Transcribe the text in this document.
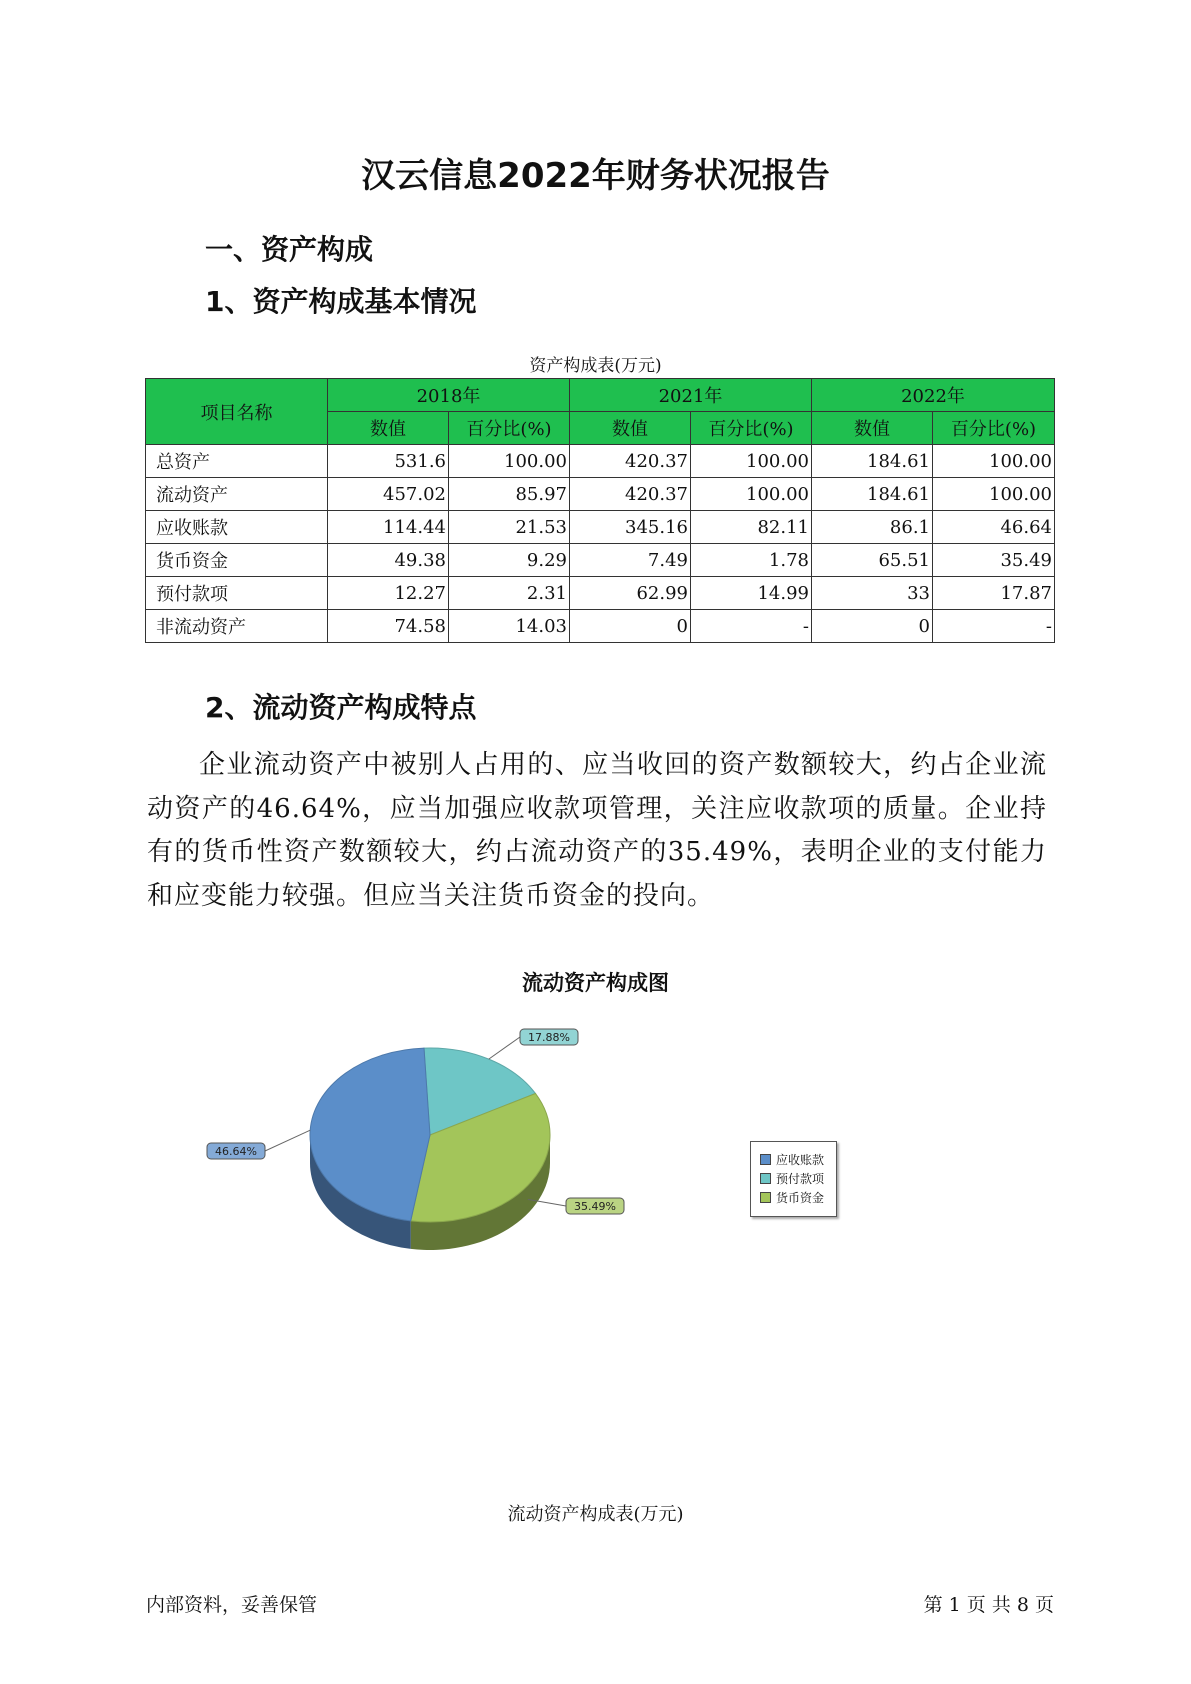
汉云信息2022年财务状况报告
一、资产构成
1、资产构成基本情况
资产构成表(万元)
项目名称	2018年		2021年		2022年	
	数值	百分比(%)	数值	百分比(%)	数值	百分比(%)
总资产	531.6	100.00	420.37	100.00	184.61	100.00
流动资产	457.02	85.97	420.37	100.00	184.61	100.00
应收账款	114.44	21.53	345.16	82.11	86.1	46.64
货币资金	49.38	9.29	7.49	1.78	65.51	35.49
预付款项	12.27	2.31	62.99	14.99	33	17.87
非流动资产	74.58	14.03	0	-	0	-
2、流动资产构成特点
企业流动资产中被别人占用的、应当收回的资产数额较大，约占企业流动资产的46.64%，应当加强应收款项管理，关注应收款项的质量。企业持有的货币性资产数额较大，约占流动资产的35.49%，表明企业的支付能力和应变能力较强。但应当关注货币资金的投向。
流动资产构成图
17.88%
35.49%
46.64%
应收账款
预付款项
货币资金
流动资产构成表(万元)
内部资料，妥善保管	第 1 页 共 8 页
